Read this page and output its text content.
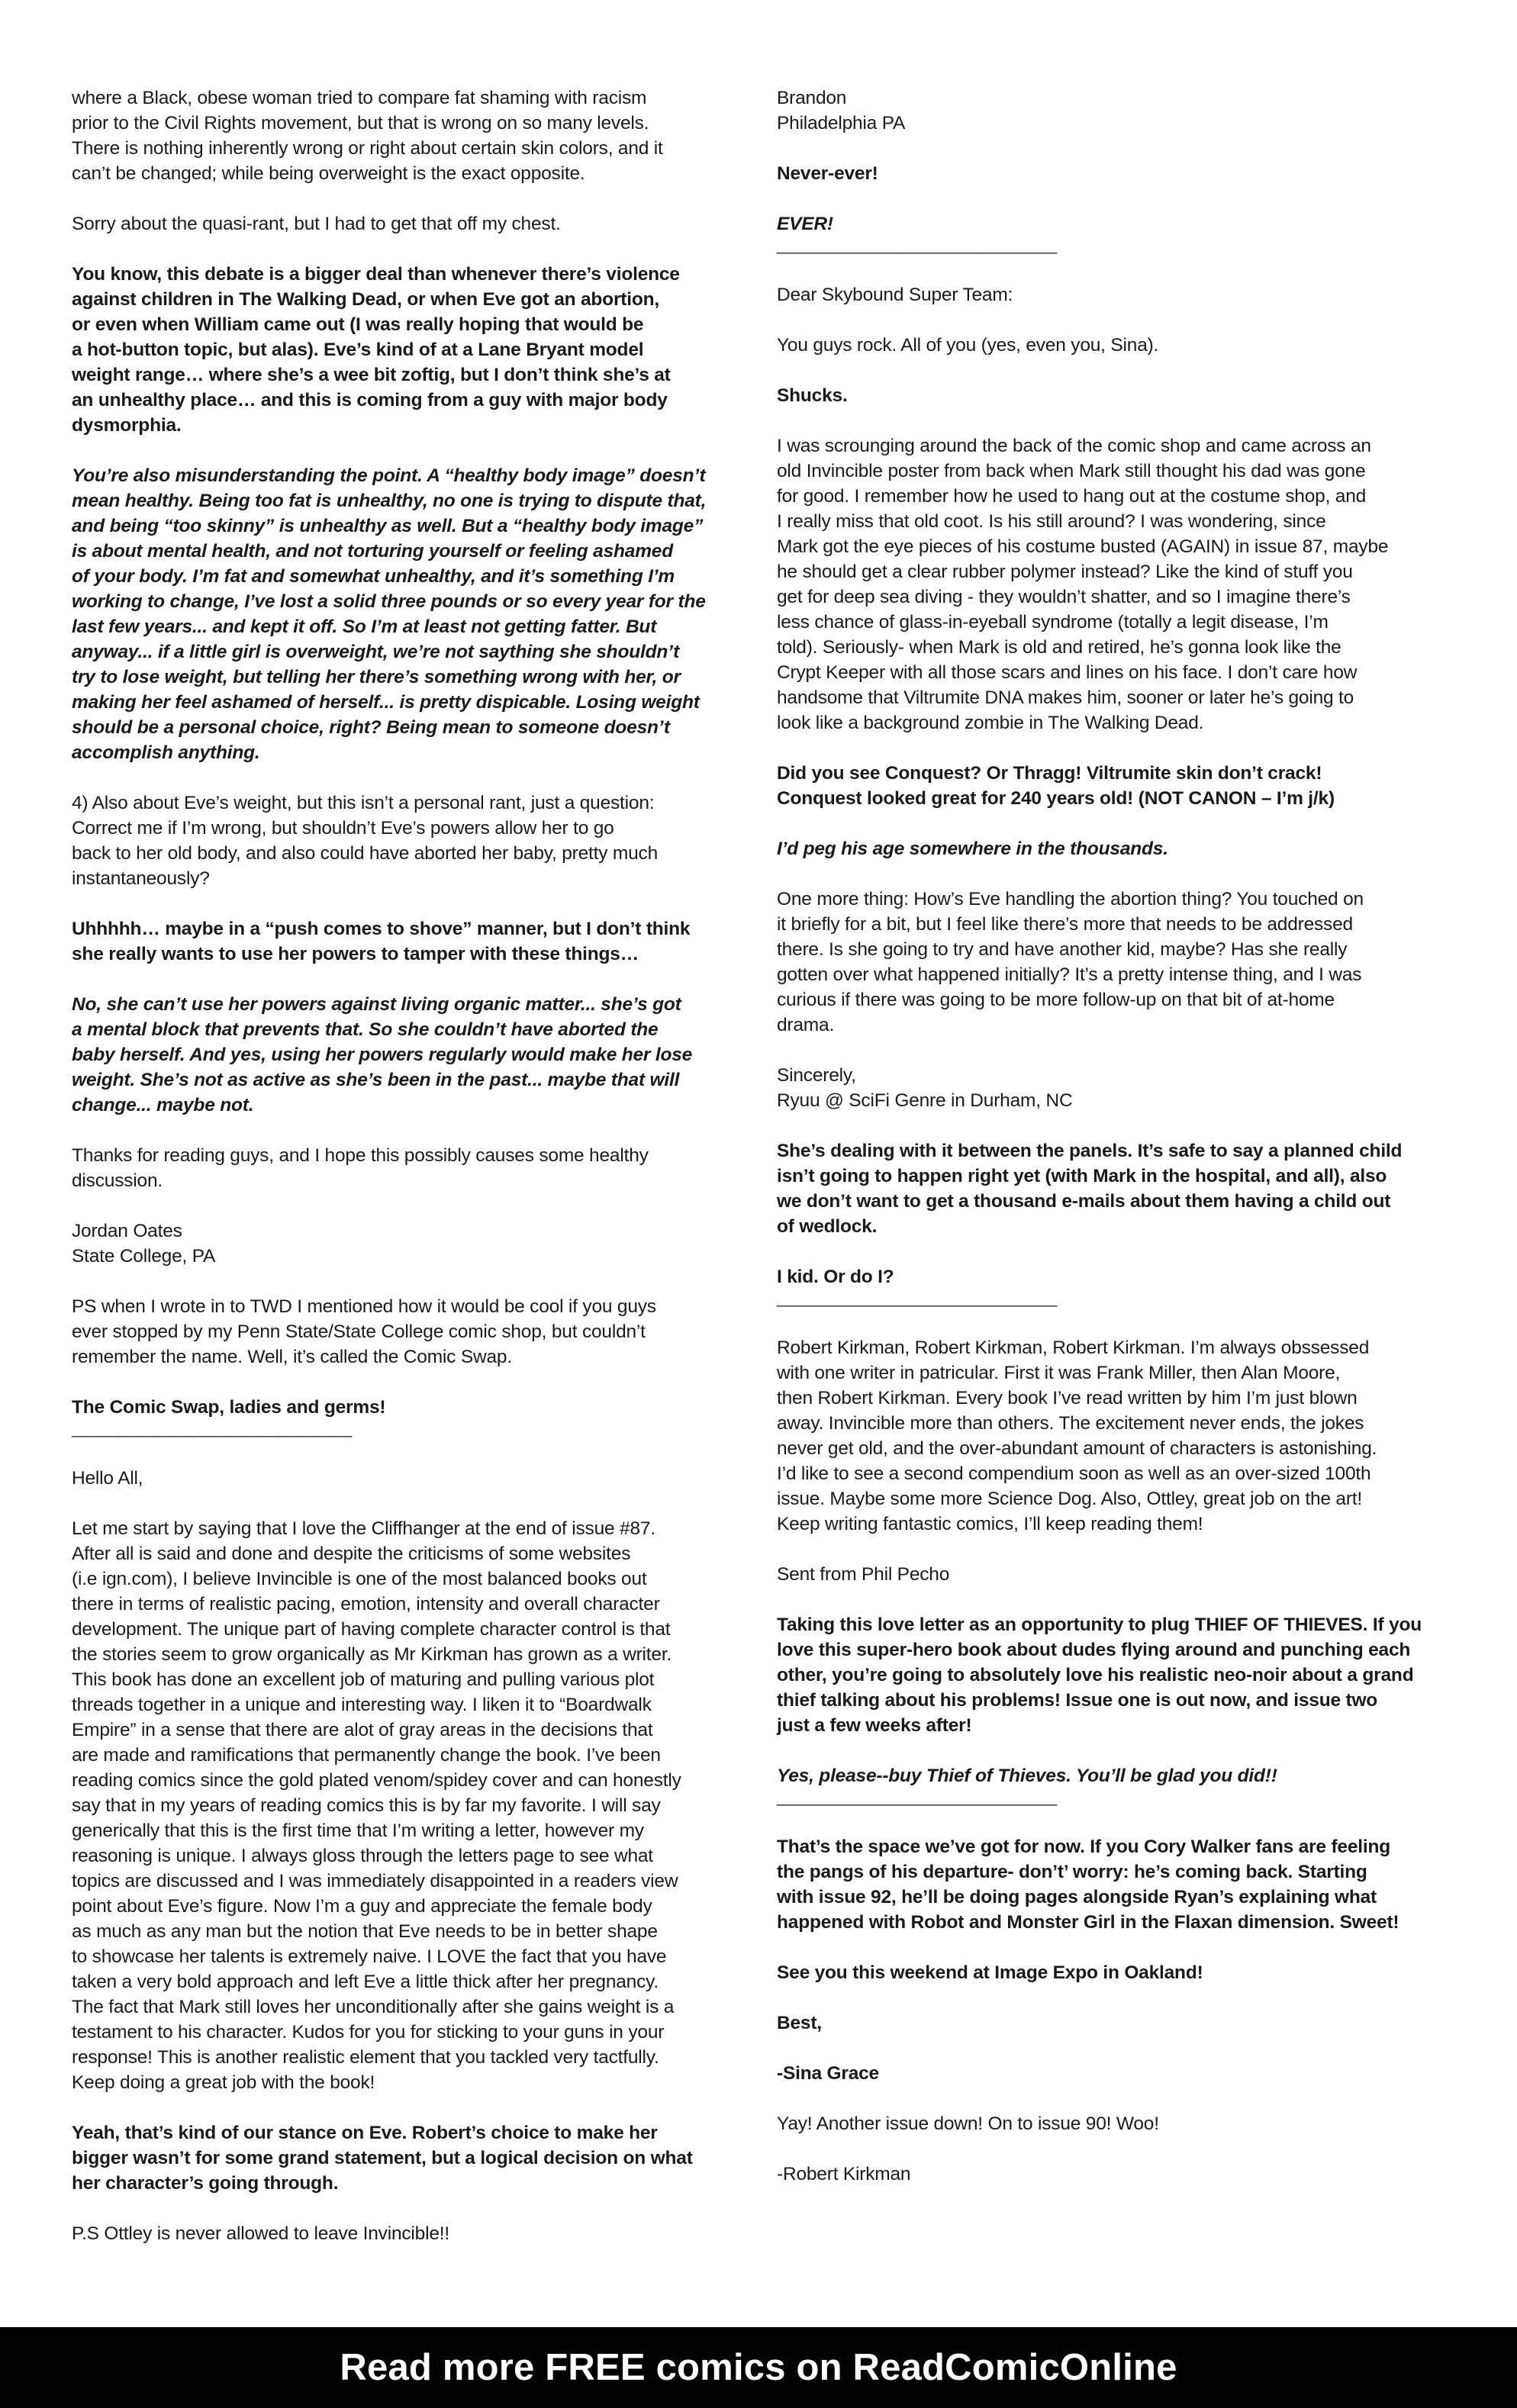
where a Black, obese woman tried to compare fat shaming with racism
prior to the Civil Rights movement, but that is wrong on so many levels.
There is nothing inherently wrong or right about certain skin colors, and it
can’t be changed; while being overweight is the exact opposite.

Sorry about the quasi-rant, but I had to get that off my chest.

You know, this debate is a bigger deal than whenever there’s violence
against children in The Walking Dead, or when Eve got an abortion,
or even when William came out (I was really hoping that would be
a hot-button topic, but alas). Eve’s kind of at a Lane Bryant model
weight range… where she’s a wee bit zoftig, but I don’t think she’s at
an unhealthy place… and this is coming from a guy with major body
dysmorphia.

You’re also misunderstanding the point. A “healthy body image” doesn’t
mean healthy. Being too fat is unhealthy, no one is trying to dispute that,
and being “too skinny” is unhealthy as well. But a “healthy body image”
is about mental health, and not torturing yourself or feeling ashamed
of your body. I’m fat and somewhat unhealthy, and it’s something I’m
working to change, I’ve lost a solid three pounds or so every year for the
last few years... and kept it off. So I’m at least not getting fatter. But
anyway... if a little girl is overweight, we’re not saything she shouldn’t
try to lose weight, but telling her there’s something wrong with her, or
making her feel ashamed of herself... is pretty dispicable. Losing weight
should be a personal choice, right? Being mean to someone doesn’t
accomplish anything.

4) Also about Eve’s weight, but this isn’t a personal rant, just a question:
Correct me if I’m wrong, but shouldn’t Eve’s powers allow her to go
back to her old body, and also could have aborted her baby, pretty much
instantaneously?

Uhhhhh… maybe in a “push comes to shove” manner, but I don’t think
she really wants to use her powers to tamper with these things…

No, she can’t use her powers against living organic matter... she’s got
a mental block that prevents that. So she couldn’t have aborted the
baby herself. And yes, using her powers regularly would make her lose
weight. She’s not as active as she’s been in the past... maybe that will
change... maybe not.

Thanks for reading guys, and I hope this possibly causes some healthy
discussion.

Jordan Oates
State College, PA

PS when I wrote in to TWD I mentioned how it would be cool if you guys
ever stopped by my Penn State/State College comic shop, but couldn’t
remember the name. Well, it’s called the Comic Swap.

The Comic Swap, ladies and germs!

______________________________

Hello All,

Let me start by saying that I love the Cliffhanger at the end of issue #87.
After all is said and done and despite the criticisms of some websites
(i.e ign.com), I believe Invincible is one of the most balanced books out
there in terms of realistic pacing, emotion, intensity and overall character
development. The unique part of having complete character control is that
the stories seem to grow organically as Mr Kirkman has grown as a writer.
This book has done an excellent job of maturing and pulling various plot
threads together in a unique and interesting way. I liken it to “Boardwalk
Empire” in a sense that there are alot of gray areas in the decisions that
are made and ramifications that permanently change the book. I’ve been
reading comics since the gold plated venom/spidey cover and can honestly
say that in my years of reading comics this is by far my favorite. I will say
generically that this is the first time that I’m writing a letter, however my
reasoning is unique. I always gloss through the letters page to see what
topics are discussed and I was immediately disappointed in a readers view
point about Eve’s figure. Now I’m a guy and appreciate the female body
as much as any man but the notion that Eve needs to be in better shape
to showcase her talents is extremely naive. I LOVE the fact that you have
taken a very bold approach and left Eve a little thick after her pregnancy.
The fact that Mark still loves her unconditionally after she gains weight is a
testament to his character. Kudos for you for sticking to your guns in your
response! This is another realistic element that you tackled very tactfully.
Keep doing a great job with the book!

Yeah, that’s kind of our stance on Eve. Robert’s choice to make her
bigger wasn’t for some grand statement, but a logical decision on what
her character’s going through.

P.S Ottley is never allowed to leave Invincible!!

Brandon
Philadelphia PA

Never-ever!

EVER!

______________________________

Dear Skybound Super Team:

You guys rock. All of you (yes, even you, Sina).

Shucks.

I was scrounging around the back of the comic shop and came across an
old Invincible poster from back when Mark still thought his dad was gone
for good. I remember how he used to hang out at the costume shop, and
I really miss that old coot. Is his still around? I was wondering, since
Mark got the eye pieces of his costume busted (AGAIN) in issue 87, maybe
he should get a clear rubber polymer instead? Like the kind of stuff you
get for deep sea diving - they wouldn’t shatter, and so I imagine there’s
less chance of glass-in-eyeball syndrome (totally a legit disease, I’m
told). Seriously- when Mark is old and retired, he’s gonna look like the
Crypt Keeper with all those scars and lines on his face. I don’t care how
handsome that Viltrumite DNA makes him, sooner or later he’s going to
look like a background zombie in The Walking Dead.

Did you see Conquest? Or Thragg! Viltrumite skin don’t crack!
Conquest looked great for 240 years old! (NOT CANON – I’m j/k)

I’d peg his age somewhere in the thousands.

One more thing: How’s Eve handling the abortion thing? You touched on
it briefly for a bit, but I feel like there’s more that needs to be addressed
there. Is she going to try and have another kid, maybe? Has she really
gotten over what happened initially? It’s a pretty intense thing, and I was
curious if there was going to be more follow-up on that bit of at-home
drama.

Sincerely,
Ryuu @ SciFi Genre in Durham, NC

She’s dealing with it between the panels. It’s safe to say a planned child
isn’t going to happen right yet (with Mark in the hospital, and all), also
we don’t want to get a thousand e-mails about them having a child out
of wedlock.

I kid. Or do I?

______________________________

Robert Kirkman, Robert Kirkman, Robert Kirkman. I’m always obssessed
with one writer in patricular. First it was Frank Miller, then Alan Moore,
then Robert Kirkman. Every book I’ve read written by him I’m just blown
away. Invincible more than others. The excitement never ends, the jokes
never get old, and the over-abundant amount of characters is astonishing.
I’d like to see a second compendium soon as well as an over-sized 100th
issue. Maybe some more Science Dog. Also, Ottley, great job on the art!
Keep writing fantastic comics, I’ll keep reading them!

Sent from Phil Pecho

Taking this love letter as an opportunity to plug THIEF OF THIEVES. If you
love this super-hero book about dudes flying around and punching each
other, you’re going to absolutely love his realistic neo-noir about a grand
thief talking about his problems! Issue one is out now, and issue two
just a few weeks after!

Yes, please--buy Thief of Thieves. You’ll be glad you did!!

______________________________

That’s the space we’ve got for now. If you Cory Walker fans are feeling
the pangs of his departure- don’t’ worry: he’s coming back. Starting
with issue 92, he’ll be doing pages alongside Ryan’s explaining what
happened with Robot and Monster Girl in the Flaxan dimension. Sweet!

See you this weekend at Image Expo in Oakland!

Best,

-Sina Grace

Yay! Another issue down! On to issue 90! Woo!

-Robert Kirkman

Read more FREE comics on ReadComicOnline
